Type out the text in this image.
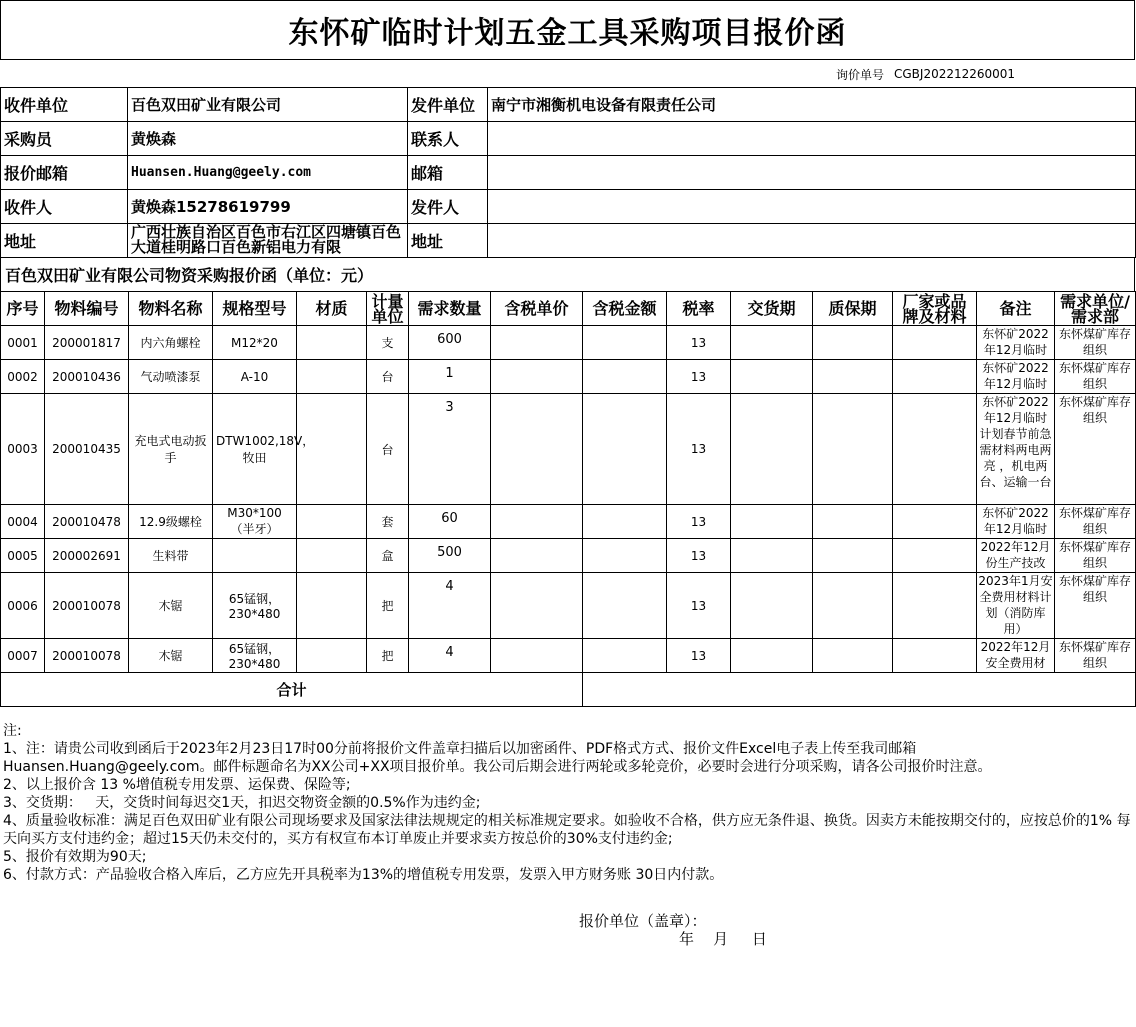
东怀矿临时计划五金工具采购项目报价函
询价单号 CGBJ202212260001
收件单位	百色双田矿业有限公司	发件单位	南宁市湘衡机电设备有限责任公司
采购员	黄焕森	联系人	
报价邮箱	Huansen.Huang@geely.com	邮箱	
收件人	黄焕森15278619799	发件人	
地址	广西壮族自治区百色市右江区四塘镇百色大道桂明路口百色新铝电力有限	地址	
百色双田矿业有限公司物资采购报价函（单位：元）
序号	物料编号	物料名称	规格型号	材质	计量单位	需求数量	含税单价	含税金额	税率	交货期	质保期	厂家或品牌及材料	备注	需求单位/需求部
0001	200001817	内六角螺栓	M12*20		支	600			13				东怀矿2022年12月临时	东怀煤矿库存组织
0002	200010436	气动喷漆泵	A-10		台	1			13				东怀矿2022年12月临时	东怀煤矿库存组织
0003	200010435	充电式电动扳手	DTW1002,18V，牧田		台	3			13				东怀矿2022年12月临时计划春节前急需材料两电两亮 ，机电两台、运输一台	东怀煤矿库存组织
0004	200010478	12.9级螺栓	M30*100（半牙）		套	60			13				东怀矿2022年12月临时	东怀煤矿库存组织
0005	200002691	生料带			盒	500			13				2022年12月份生产技改	东怀煤矿库存组织
0006	200010078	木锯	65锰钢，230*480		把	4			13				2023年1月安全费用材料计划（消防库用）	东怀煤矿库存组织
0007	200010078	木锯	65锰钢，230*480		把	4			13				2022年12月安全费用材	东怀煤矿库存组织
合计														
注:
1、注：请贵公司收到函后于2023年2月23日17时00分前将报价文件盖章扫描后以加密函件、PDF格式方式、报价文件Excel电子表上传至我司邮箱
Huansen.Huang@geely.com。邮件标题命名为XX公司+XX项目报价单。我公司后期会进行两轮或多轮竞价，必要时会进行分项采购，请各公司报价时注意。
2、以上报价含 13 %增值税专用发票、运保费、保险等;
3、交货期：   天，交货时间每迟交1天，扣迟交物资金额的0.5%作为违约金;
4、质量验收标准：满足百色双田矿业有限公司现场要求及国家法律法规规定的相关标准规定要求。如验收不合格，供方应无条件退、换货。因卖方未能按期交付的，应按总价的1% 每天向买方支付违约金；超过15天仍未交付的，买方有权宣布本订单废止并要求卖方按总价的30%支付违约金;
5、报价有效期为90天;
6、付款方式：产品验收合格入库后，乙方应先开具税率为13%的增值税专用发票，发票入甲方财务账 30日内付款。
报价单位（盖章）：
年    月     日
